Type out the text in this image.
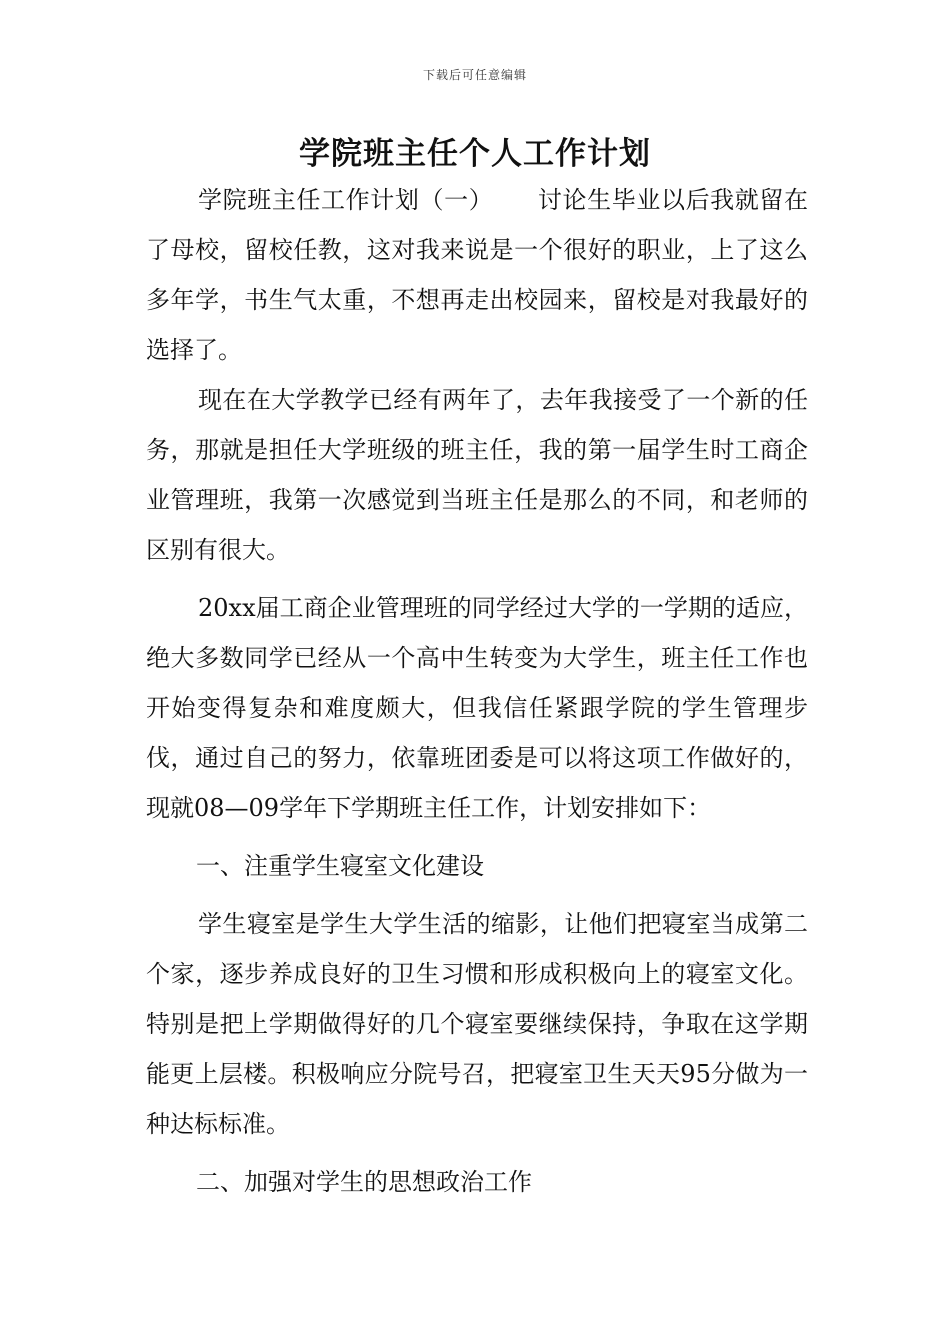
下载后可任意编辑
学院班主任个人工作计划

学院班主任工作计划（一） 讨论生毕业以后我就留在了母校，留校任教，这对我来说是一个很好的职业，上了这么多年学，书生气太重，不想再走出校园来，留校是对我最好的选择了。

现在在大学教学已经有两年了，去年我接受了一个新的任务，那就是担任大学班级的班主任，我的第一届学生时工商企业管理班，我第一次感觉到当班主任是那么的不同，和老师的区别有很大。

20xx届工商企业管理班的同学经过大学的一学期的适应，绝大多数同学已经从一个高中生转变为大学生，班主任工作也开始变得复杂和难度颇大，但我信任紧跟学院的学生管理步伐，通过自己的努力，依靠班团委是可以将这项工作做好的，现就08—09学年下学期班主任工作，计划安排如下：

一、注重学生寝室文化建设

学生寝室是学生大学生活的缩影，让他们把寝室当成第二个家，逐步养成良好的卫生习惯和形成积极向上的寝室文化。特别是把上学期做得好的几个寝室要继续保持，争取在这学期能更上层楼。积极响应分院号召，把寝室卫生天天95分做为一种达标标准。

二、加强对学生的思想政治工作
